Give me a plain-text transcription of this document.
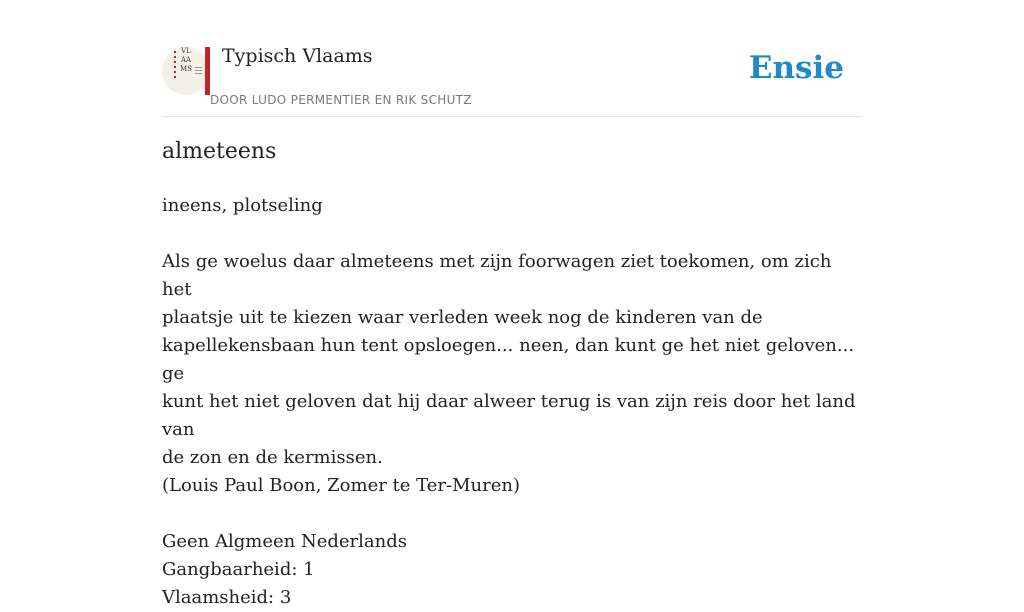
VLAAMS
Typisch Vlaams
DOOR LUDO PERMENTIER EN RIK SCHUTZ
Ensie
almeteens

ineens, plotseling

Als ge woelus daar almeteens met zijn foorwagen ziet toekomen, om zich het

plaatsje uit te kiezen waar verleden week nog de kinderen van de

kapellekensbaan hun tent opsloegen... neen, dan kunt ge het niet geloven... ge

kunt het niet geloven dat hij daar alweer terug is van zijn reis door het land van

de zon en de kermissen.

(Louis Paul Boon, Zomer te Ter-Muren)

Geen Algmeen Nederlands

Gangbaarheid: 1

Vlaamsheid: 3
